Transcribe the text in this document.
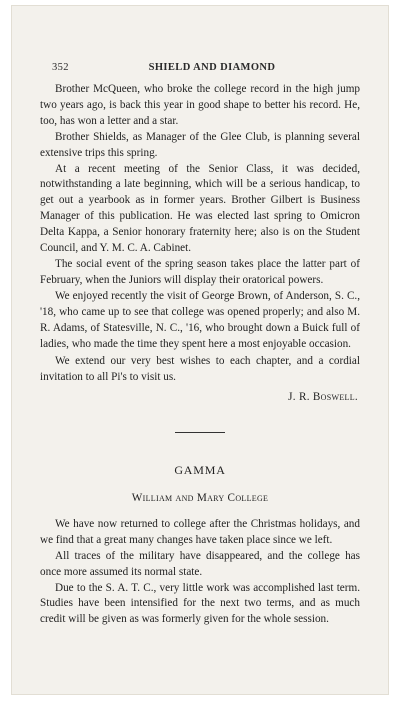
352	SHIELD AND DIAMOND

Brother McQueen, who broke the college record in the high jump two years ago, is back this year in good shape to better his record. He, too, has won a letter and a star.

Brother Shields, as Manager of the Glee Club, is planning several extensive trips this spring.

At a recent meeting of the Senior Class, it was decided, notwithstanding a late beginning, which will be a serious handicap, to get out a yearbook as in former years. Brother Gilbert is Business Manager of this publication. He was elected last spring to Omicron Delta Kappa, a Senior honorary fraternity here; also is on the Student Council, and Y. M. C. A. Cabinet.

The social event of the spring season takes place the latter part of February, when the Juniors will display their oratorical powers.

We enjoyed recently the visit of George Brown, of Anderson, S. C., '18, who came up to see that college was opened properly; and also M. R. Adams, of Statesville, N. C., '16, who brought down a Buick full of ladies, who made the time they spent here a most enjoyable occasion.

We extend our very best wishes to each chapter, and a cordial invitation to all Pi's to visit us.

J. R. Boswell.
GAMMA
William and Mary College

We have now returned to college after the Christmas holidays, and we find that a great many changes have taken place since we left.

All traces of the military have disappeared, and the college has once more assumed its normal state.

Due to the S. A. T. C., very little work was accomplished last term. Studies have been intensified for the next two terms, and as much credit will be given as was formerly given for the whole session.
